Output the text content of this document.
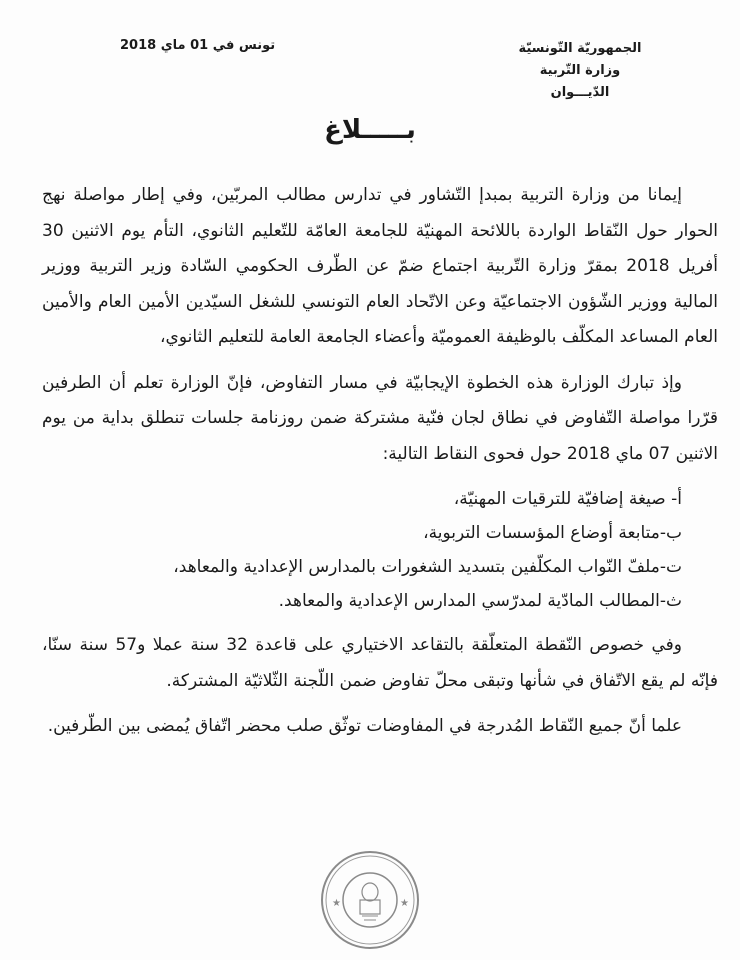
الجمهوريّة التّونسيّة
وزارة التّربية
الدّيـــوان
تونس في 01 ماي 2018
بـــــلاغ

إيمانا من وزارة التربية بمبدإ التّشاور في تدارس مطالب المربّين، وفي إطار مواصلة نهج الحوار حول النّقاط الواردة باللائحة المهنيّة للجامعة العامّة للتّعليم الثانوي، التأم يوم الاثنين 30 أفريل 2018 بمقرّ وزارة التّربية اجتماع ضمّ عن الطّرف الحكومي السّادة وزير التربية ووزير المالية ووزير الشّؤون الاجتماعيّة وعن الاتّحاد العام التونسي للشغل السيّدين الأمين العام والأمين العام المساعد المكلّف بالوظيفة العموميّة وأعضاء الجامعة العامة للتعليم الثانوي،

وإذ تبارك الوزارة هذه الخطوة الإيجابيّة في مسار التفاوض، فإنّ الوزارة تعلم أن الطرفين قرّرا مواصلة التّفاوض في نطاق لجان فنّية مشتركة ضمن روزنامة جلسات تنطلق بداية من يوم الاثنين 07 ماي 2018 حول فحوى النقاط التالية:

أ- صيغة إضافيّة للترقيات المهنيّة،
ب-متابعة أوضاع المؤسسات التربوية،
ت-ملفّ النّواب المكلّفين بتسديد الشغورات بالمدارس الإعدادية والمعاهد،
ث-المطالب المادّية لمدرّسي المدارس الإعدادية والمعاهد.

وفي خصوص النّقطة المتعلّقة بالتقاعد الاختياري على قاعدة 32 سنة عملا و57 سنة سنّا، فإنّه لم يقع الاتّفاق في شأنها وتبقى محلّ تفاوض ضمن اللّجنة الثّلاثيّة المشتركة.

علما أنّ جميع النّقاط المُدرجة في المفاوضات توثّق صلب محضر اتّفاق يُمضى بين الطّرفين.

★	★
